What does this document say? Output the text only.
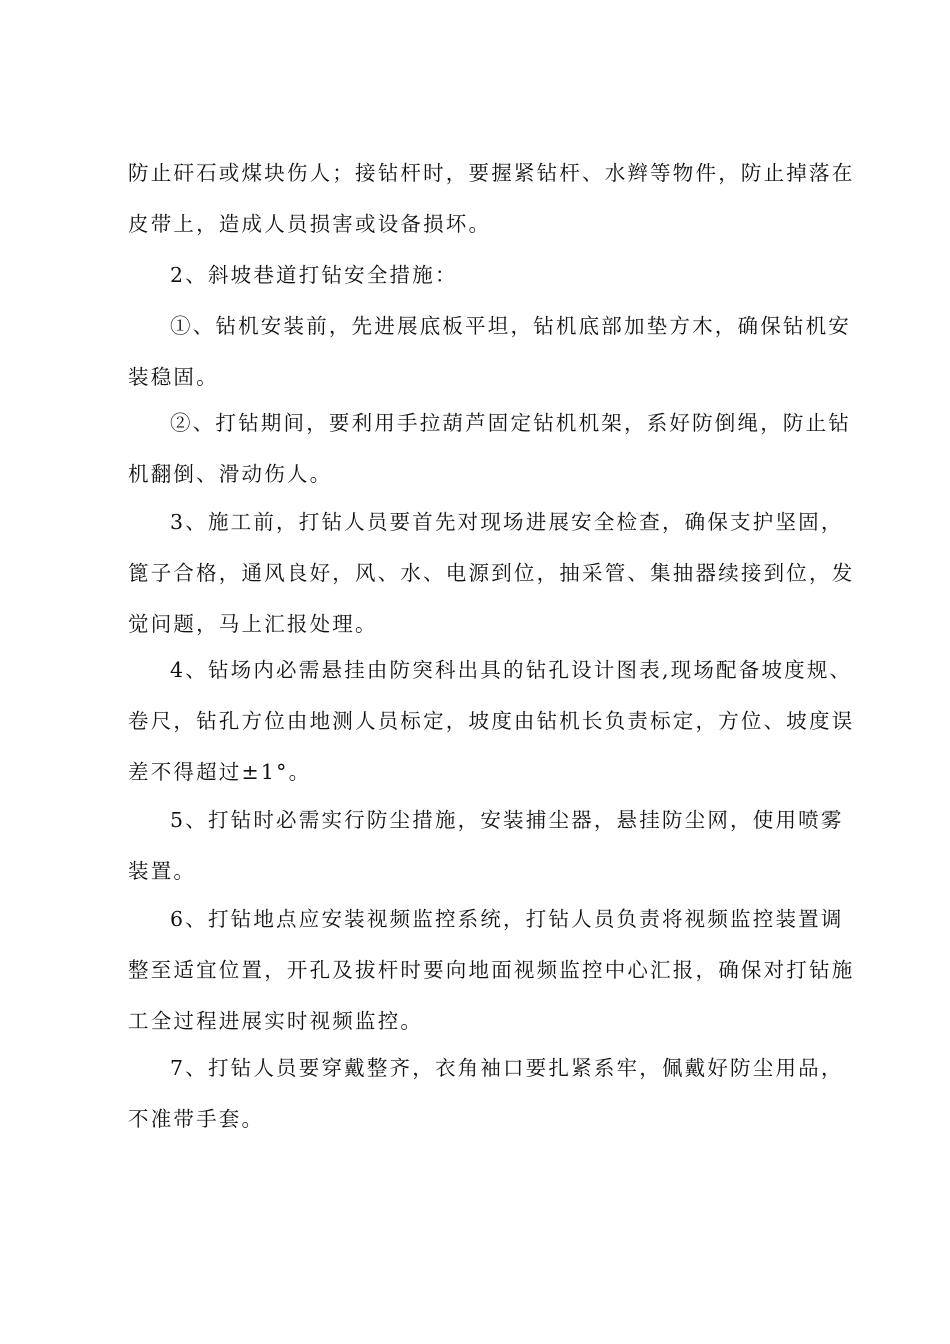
防止矸石或煤块伤人；接钻杆时，要握紧钻杆、水辫等物件，防止掉落在
皮带上，造成人员损害或设备损坏。
2、斜坡巷道打钻安全措施：
①、钻机安装前，先进展底板平坦，钻机底部加垫方木，确保钻机安
装稳固。
②、打钻期间，要利用手拉葫芦固定钻机机架，系好防倒绳，防止钻
机翻倒、滑动伤人。
3、施工前，打钻人员要首先对现场进展安全检查，确保支护坚固，
篦子合格，通风良好，风、水、电源到位，抽采管、集抽器续接到位，发
觉问题，马上汇报处理。
4、钻场内必需悬挂由防突科出具的钻孔设计图表,现场配备坡度规、
卷尺，钻孔方位由地测人员标定，坡度由钻机长负责标定，方位、坡度误
差不得超过±1°。
5、打钻时必需实行防尘措施，安装捕尘器，悬挂防尘网，使用喷雾
装置。
6、打钻地点应安装视频监控系统，打钻人员负责将视频监控装置调
整至适宜位置，开孔及拔杆时要向地面视频监控中心汇报，确保对打钻施
工全过程进展实时视频监控。
7、打钻人员要穿戴整齐，衣角袖口要扎紧系牢，佩戴好防尘用品，
不准带手套。
